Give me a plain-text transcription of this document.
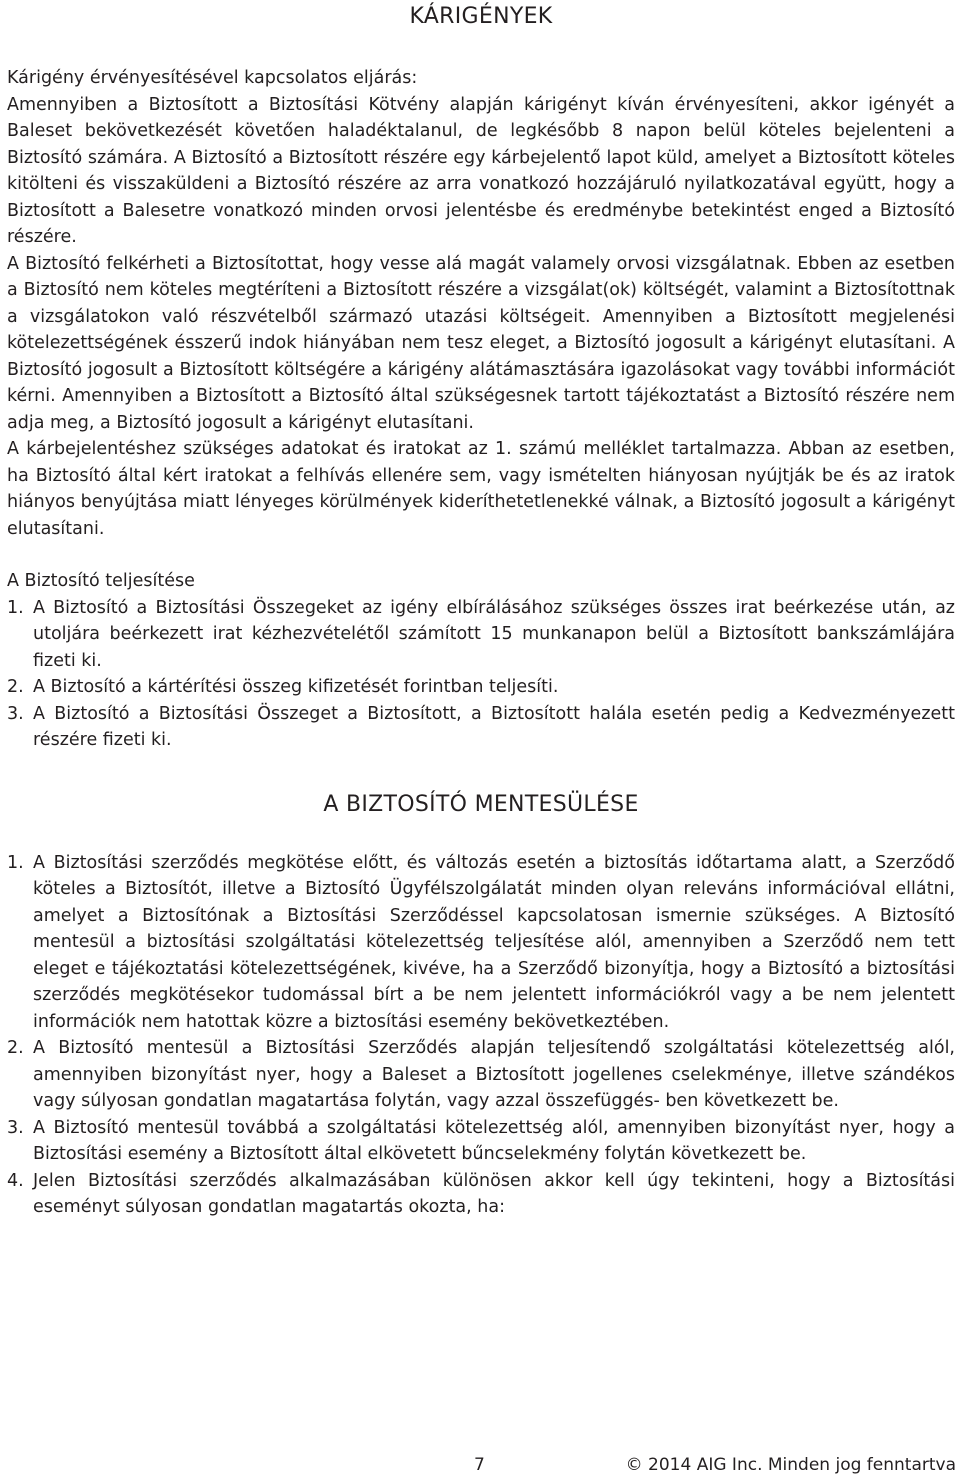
KÁRIGÉNYEK
Kárigény érvényesítésével kapcsolatos eljárás:

Amennyiben a Biztosított a Biztosítási Kötvény alapján kárigényt kíván érvényesíteni, akkor igényét a Baleset bekövetkezését követően haladéktalanul, de legkésőbb 8 napon belül köteles bejelenteni a Biztosító számára. A Biztosító a Biztosított részére egy kárbejelentő lapot küld, amelyet a Biztosított köteles kitölteni és visszaküldeni a Biztosító részére az arra vonatkozó hozzájáruló nyilatkozatával együtt, hogy a Biztosított a Balesetre vonatkozó minden orvosi jelentésbe és eredménybe betekintést enged a Biztosító részére.

A Biztosító felkérheti a Biztosítottat, hogy vesse alá magát valamely orvosi vizsgálatnak. Ebben az esetben a Biztosító nem köteles megtéríteni a Biztosított részére a vizsgálat(ok) költségét, valamint a Biztosítottnak a vizsgálatokon való részvételből származó utazási költségeit. Amennyiben a Biztosított megjelenési kötelezettségének ésszerű indok hiányában nem tesz eleget, a Biztosító jogosult a kárigényt elutasítani. A Biztosító jogosult a Biztosított költségére a kárigény alátámasztására igazolásokat vagy további információt kérni. Amennyiben a Biztosított a Biztosító által szükségesnek tartott tájékoztatást a Biztosító részére nem adja meg, a Biztosító jogosult a kárigényt elutasítani.

A kárbejelentéshez szükséges adatokat és iratokat az 1. számú melléklet tartalmazza. Abban az esetben, ha Biztosító által kért iratokat a felhívás ellenére sem, vagy ismételten hiányosan nyújtják be és az iratok hiányos benyújtása miatt lényeges körülmények kideríthetetlenekké válnak, a Biztosító jogosult a kárigényt elutasítani.

A Biztosító teljesítése
1. A Biztosító a Biztosítási Összegeket az igény elbírálásához szükséges összes irat beérkezése után, az utoljára beérkezett irat kézhezvételétől számított 15 munkanapon belül a Biztosított bankszámlájára fizeti ki.
2. A Biztosító a kártérítési összeg kifizetését forintban teljesíti.
3. A Biztosító a Biztosítási Összeget a Biztosított, a Biztosított halála esetén pedig a Kedvezményezett részére fizeti ki.
A BIZTOSÍTÓ MENTESÜLÉSE
1. A Biztosítási szerződés megkötése előtt, és változás esetén a biztosítás időtartama alatt, a Szerződő köteles a Biztosítót, illetve a Biztosító Ügyfélszolgálatát minden olyan releváns információval ellátni, amelyet a Biztosítónak a Biztosítási Szerződéssel kapcsolatosan ismernie szükséges. A Biztosító mentesül a biztosítási szolgáltatási kötelezettség teljesítése alól, amennyiben a Szerződő nem tett eleget e tájékoztatási kötelezettségének, kivéve, ha a Szerződő bizonyítja, hogy a Biztosító a biztosítási szerződés megkötésekor tudomással bírt a be nem jelentett információkról vagy a be nem jelentett információk nem hatottak közre a biztosítási esemény bekövetkeztében.
2. A Biztosító mentesül a Biztosítási Szerződés alapján teljesítendő szolgáltatási kötelezettség alól, amennyiben bizonyítást nyer, hogy a Baleset a Biztosított jogellenes cselekménye, illetve szándékos vagy súlyosan gondatlan magatartása folytán, vagy azzal összefüggés- ben következett be.
3. A Biztosító mentesül továbbá a szolgáltatási kötelezettség alól, amennyiben bizonyítást nyer, hogy a Biztosítási esemény a Biztosított által elkövetett bűncselekmény folytán következett be.
4. Jelen Biztosítási szerződés alkalmazásában különösen akkor kell úgy tekinteni, hogy a Biztosítási eseményt súlyosan gondatlan magatartás okozta, ha:
7	© 2014 AIG Inc. Minden jog fenntartva
